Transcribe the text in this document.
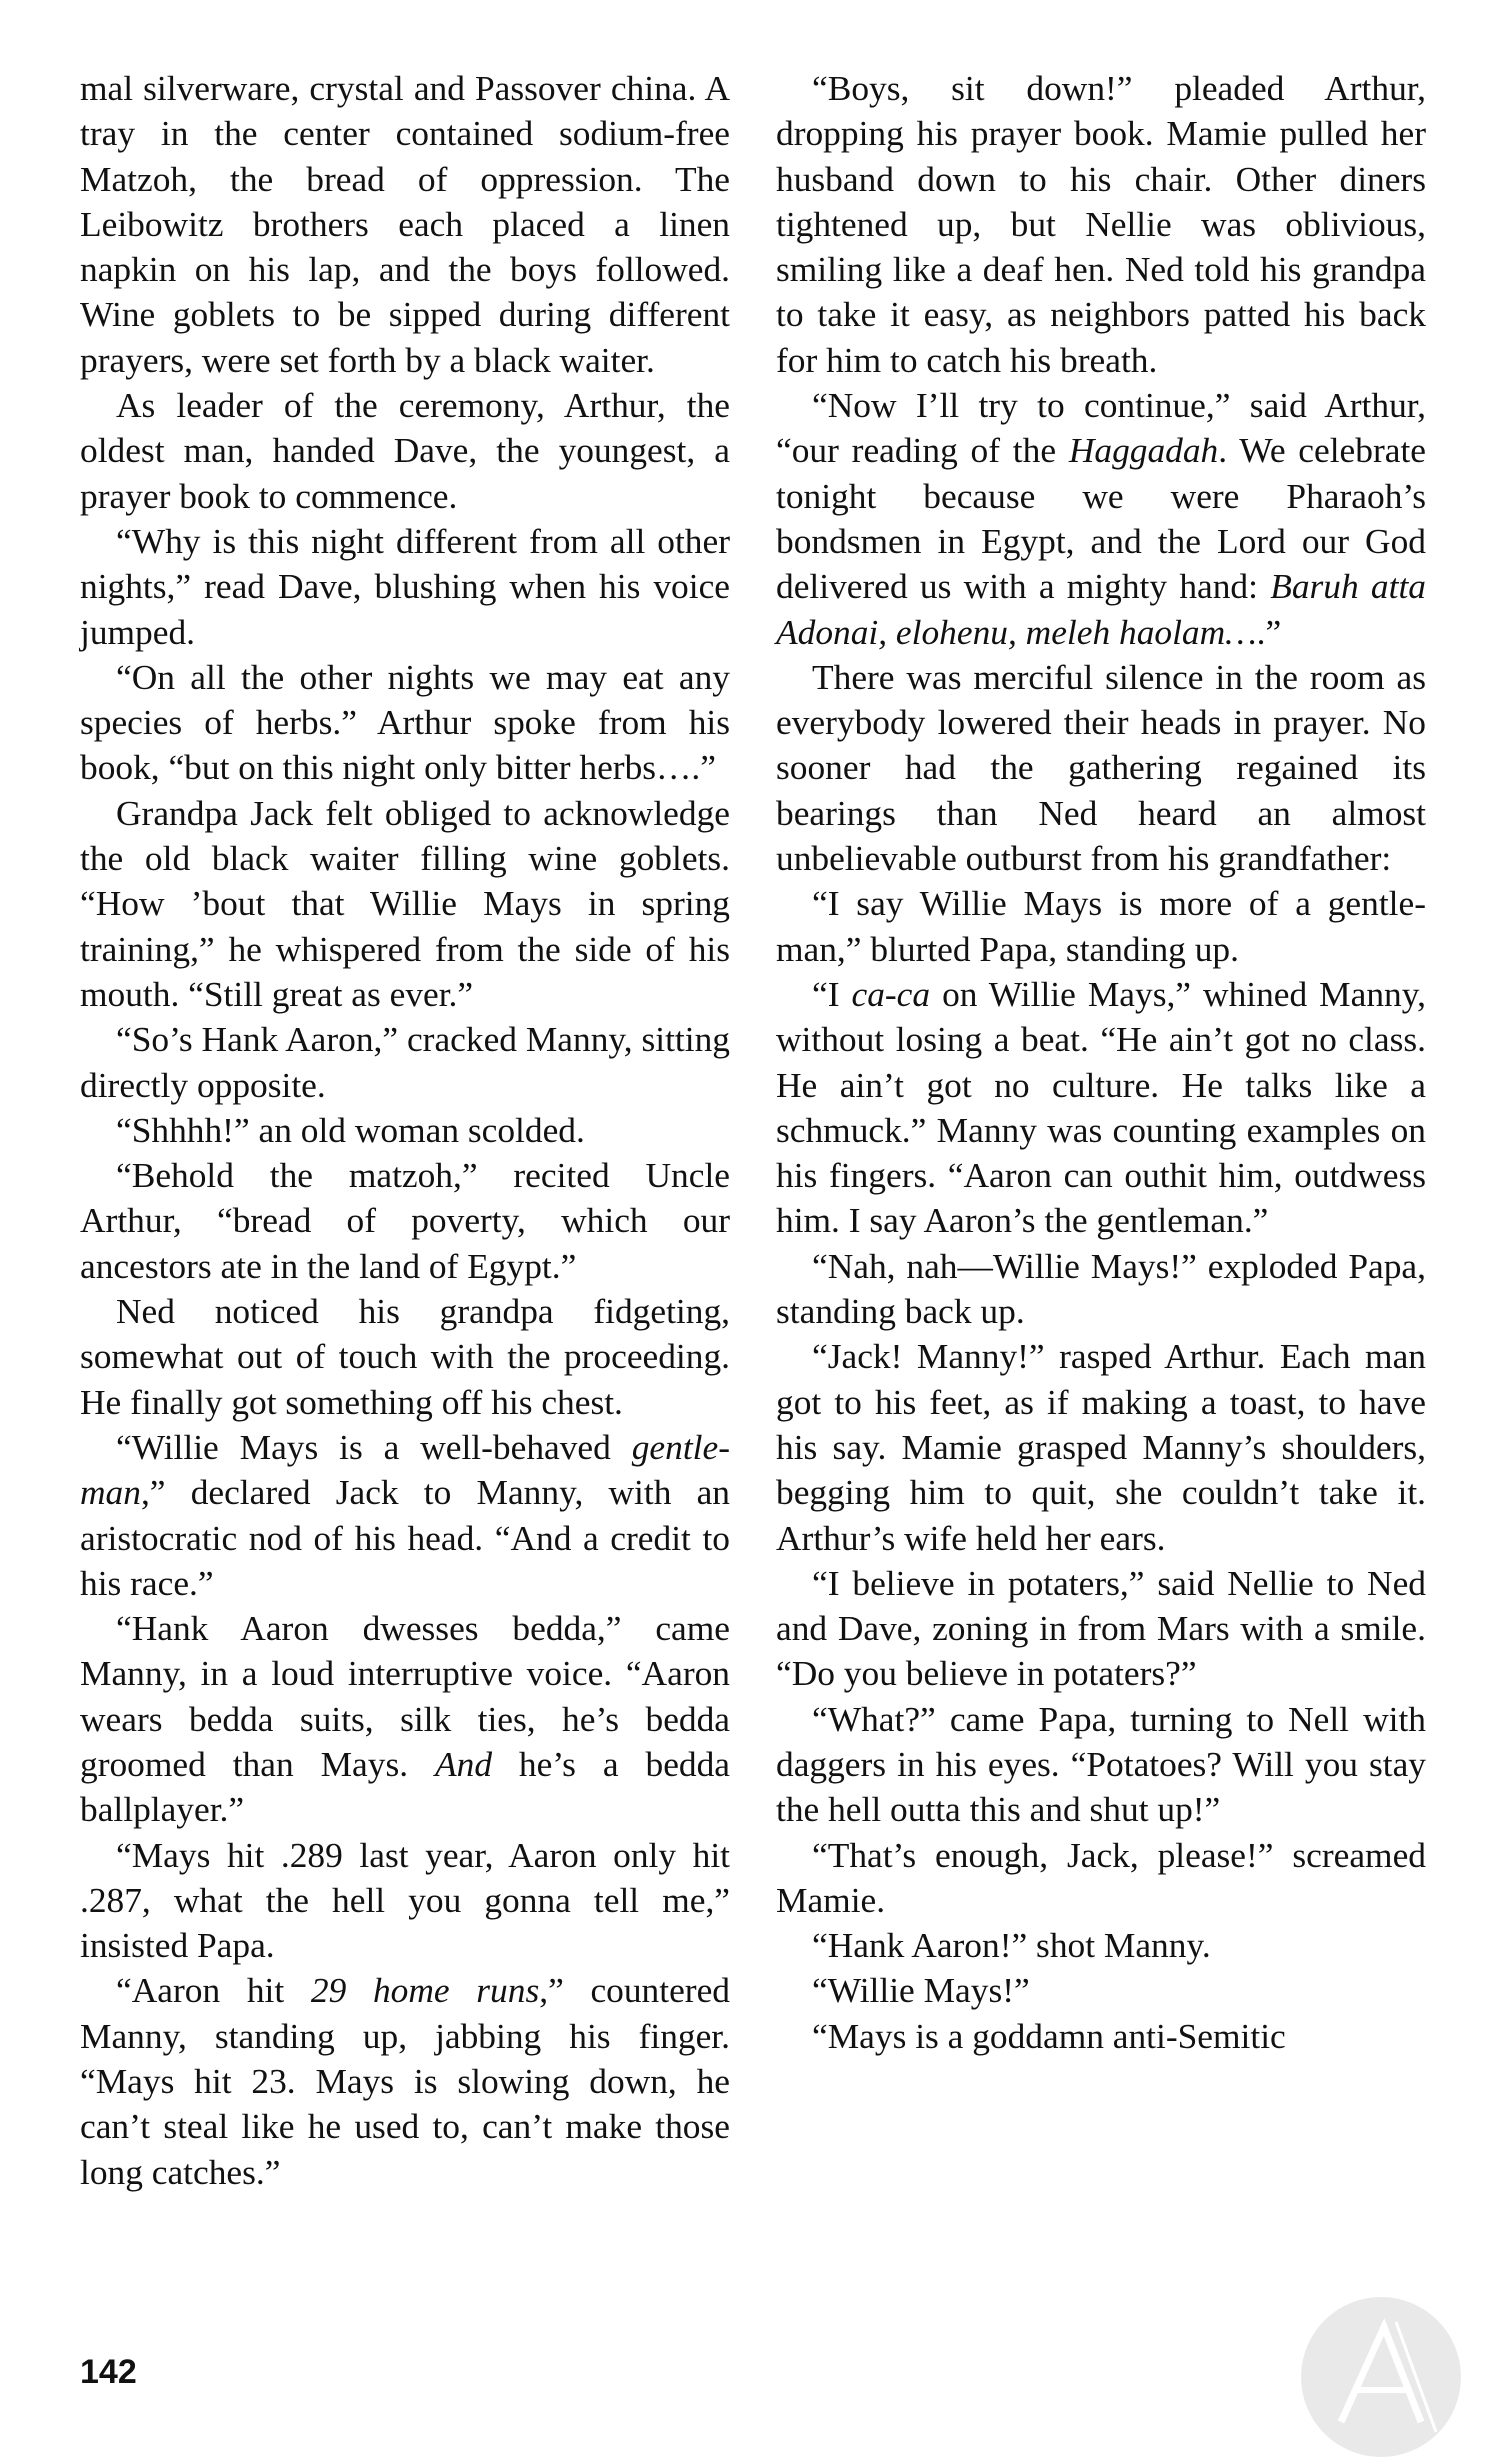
mal silverware, crystal and Passover china. A tray in the center contained sodium-free Matzoh, the bread of oppression. The Leibowitz brothers each placed a linen napkin on his lap, and the boys followed. Wine goblets to be sipped during different prayers, were set forth by a black waiter.

As leader of the ceremony, Arthur, the oldest man, handed Dave, the youngest, a prayer book to commence.

“Why is this night different from all other nights,” read Dave, blushing when his voice jumped.

“On all the other nights we may eat any species of herbs.” Arthur spoke from his book, “but on this night only bitter herbs….”

Grandpa Jack felt obliged to acknowledge the old black waiter filling wine goblets. “How ’bout that Willie Mays in spring training,” he whispered from the side of his mouth. “Still great as ever.”

“So’s Hank Aaron,” cracked Manny, sitting directly opposite.

“Shhhh!” an old woman scolded.

“Behold the matzoh,” recited Uncle Arthur, “bread of poverty, which our ancestors ate in the land of Egypt.”

Ned noticed his grandpa fidgeting, somewhat out of touch with the proceeding. He finally got something off his chest.

“Willie Mays is a well-behaved gentleman,” declared Jack to Manny, with an aristocratic nod of his head. “And a credit to his race.”

“Hank Aaron dwesses bedda,” came Manny, in a loud interruptive voice. “Aaron wears bedda suits, silk ties, he’s bedda groomed than Mays. And he’s a bedda ballplayer.”

“Mays hit .289 last year, Aaron only hit .287, what the hell you gonna tell me,” insisted Papa.

“Aaron hit 29 home runs,” countered Manny, standing up, jabbing his finger. “Mays hit 23. Mays is slowing down, he can’t steal like he used to, can’t make those long catches.”

“Boys, sit down!” pleaded Arthur, dropping his prayer book. Mamie pulled her husband down to his chair. Other diners tightened up, but Nellie was oblivious, smiling like a deaf hen. Ned told his grandpa to take it easy, as neighbors patted his back for him to catch his breath.

“Now I’ll try to continue,” said Arthur, “our reading of the Haggadah. We celebrate tonight because we were Pharaoh’s bondsmen in Egypt, and the Lord our God delivered us with a mighty hand: Baruh atta Adonai, elohenu, meleh haolam….”

There was merciful silence in the room as everybody lowered their heads in prayer. No sooner had the gathering regained its bearings than Ned heard an almost unbelievable outburst from his grandfather:

“I say Willie Mays is more of a gentleman,” blurted Papa, standing up.

“I ca-ca on Willie Mays,” whined Manny, without losing a beat. “He ain’t got no class. He ain’t got no culture. He talks like a schmuck.” Manny was counting examples on his fingers. “Aaron can outhit him, outdwess him. I say Aaron’s the gentleman.”

“Nah, nah—Willie Mays!” exploded Papa, standing back up.

“Jack! Manny!” rasped Arthur. Each man got to his feet, as if making a toast, to have his say. Mamie grasped Manny’s shoulders, begging him to quit, she couldn’t take it. Arthur’s wife held her ears.

“I believe in potaters,” said Nellie to Ned and Dave, zoning in from Mars with a smile. “Do you believe in potaters?”

“What?” came Papa, turning to Nell with daggers in his eyes. “Potatoes? Will you stay the hell outta this and shut up!”

“That’s enough, Jack, please!” screamed Mamie.

“Hank Aaron!” shot Manny.

“Willie Mays!”

“Mays is a goddamn anti-Semitic

142
